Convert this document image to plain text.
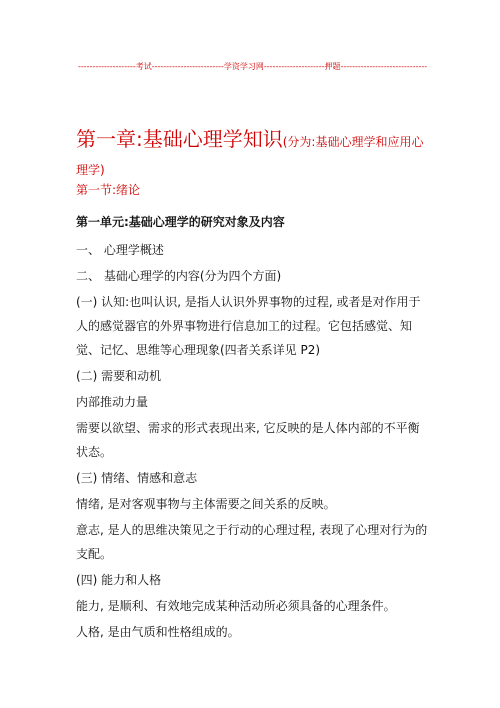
--------------------考试-------------------------学资学习网---------------------押题------------------------------
第一章:基础心理学知识(分为:基础心理学和应用心
理学)
第一节:绪论

第一单元:基础心理学的研究对象及内容

一、 心理学概述

二、 基础心理学的内容(分为四个方面)

(一) 认知:也叫认识, 是指人认识外界事物的过程, 或者是对作用于人的感觉器官的外界事物进行信息加工的过程。它包括感觉、知觉、记忆、思维等心理现象(四者关系详见 P2)

(二) 需要和动机

内部推动力量

需要以欲望、需求的形式表现出来, 它反映的是人体内部的不平衡状态。

(三) 情绪、情感和意志

情绪, 是对客观事物与主体需要之间关系的反映。

意志, 是人的思维决策见之于行动的心理过程, 表现了心理对行为的支配。

(四) 能力和人格

能力, 是顺利、有效地完成某种活动所必须具备的心理条件。

人格, 是由气质和性格组成的。
